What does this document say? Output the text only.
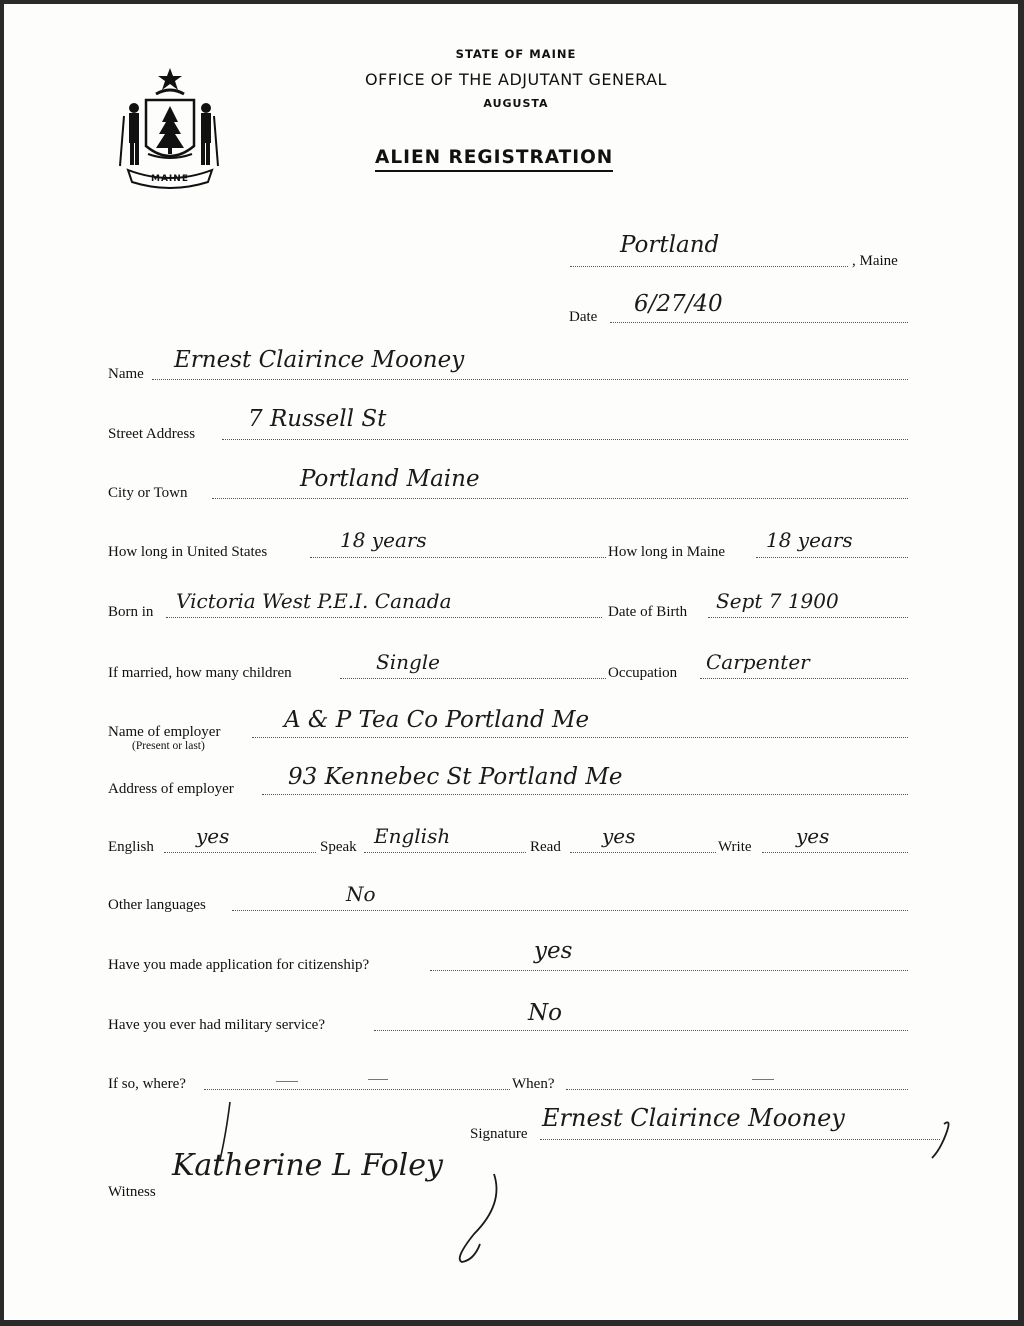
MAINE
STATE OF MAINE
OFFICE OF THE ADJUTANT GENERAL
AUGUSTA
ALIEN REGISTRATION
Portland
, Maine
Date 6/27/40
Name
Ernest Clairince Mooney
Street Address
7 Russell St
City or Town
Portland Maine
How long in United States	18 years	How long in Maine 18 years
Born in Victoria West P.E.I. Canada	Date of Birth Sept 7 1900
If married, how many children	Single	Occupation Carpenter
Name of employer
(Present or last)
A & P Tea Co Portland Me
Address of employer 93 Kennebec St Portland Me
English yes	Speak English	Read yes	Write yes
Other languages	No
Have you made application for citizenship?
yes
Have you ever had military service?	No
If so, where?	When?
Signature
Ernest Clairince Mooney
Witness
Katherine L Foley
